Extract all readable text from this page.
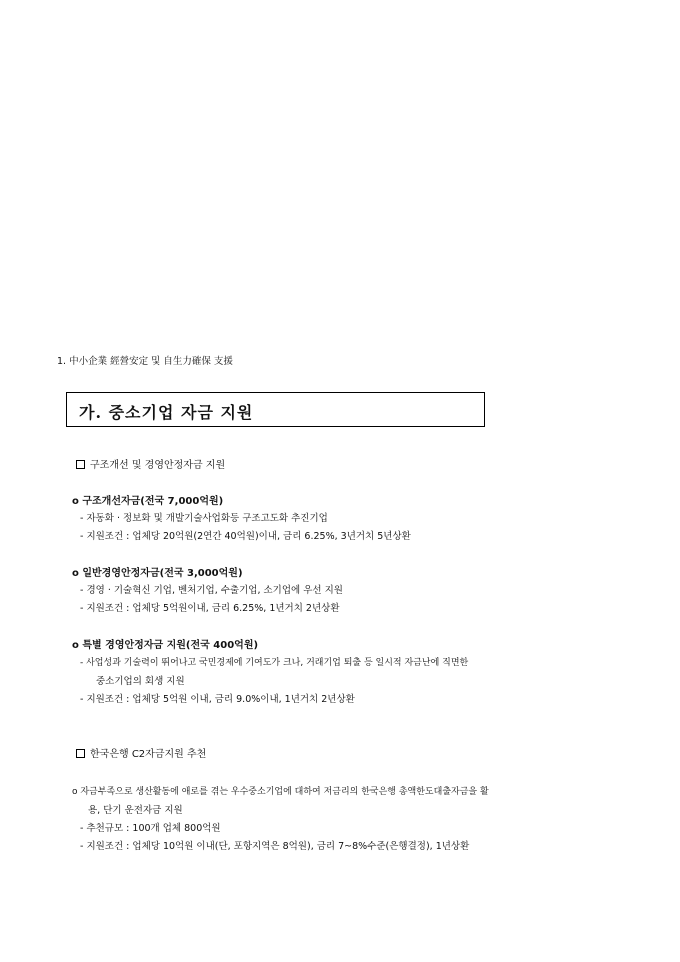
1. 中小企業 經營安定 및 自生力確保 支援
가. 중소기업 자금 지원
구조개선 및 경영안정자금 지원
o 구조개선자금(전국 7,000억원)
- 자동화 · 정보화 및 개발기술사업화등 구조고도화 추진기업
- 지원조건 : 업체당 20억원(2연간 40억원)이내, 금리 6.25%, 3년거치 5년상환
o 일반경영안정자금(전국 3,000억원)
- 경영 · 기술혁신 기업, 벤처기업, 수출기업, 소기업에 우선 지원
- 지원조건 : 업체당 5억원이내, 금리 6.25%, 1년거치 2년상환
o 특별 경영안정자금 지원(전국 400억원)
- 사업성과 기술력이 뛰어나고 국민경제에 기여도가 크나, 거래기업 퇴출 등 일시적 자금난에 직면한
중소기업의 회생 지원
- 지원조건 : 업체당 5억원 이내, 금리 9.0%이내, 1년거치 2년상환
한국은행 C2자금지원 추천
o 자금부족으로 생산활동에 애로를 겪는 우수중소기업에 대하여 저금리의 한국은행 총액한도대출자금을 활
용, 단기 운전자금 지원
- 추천규모 : 100개 업체 800억원
- 지원조건 : 업체당 10억원 이내(단, 포항지역은 8억원), 금리 7~8%수준(은행결정), 1년상환
